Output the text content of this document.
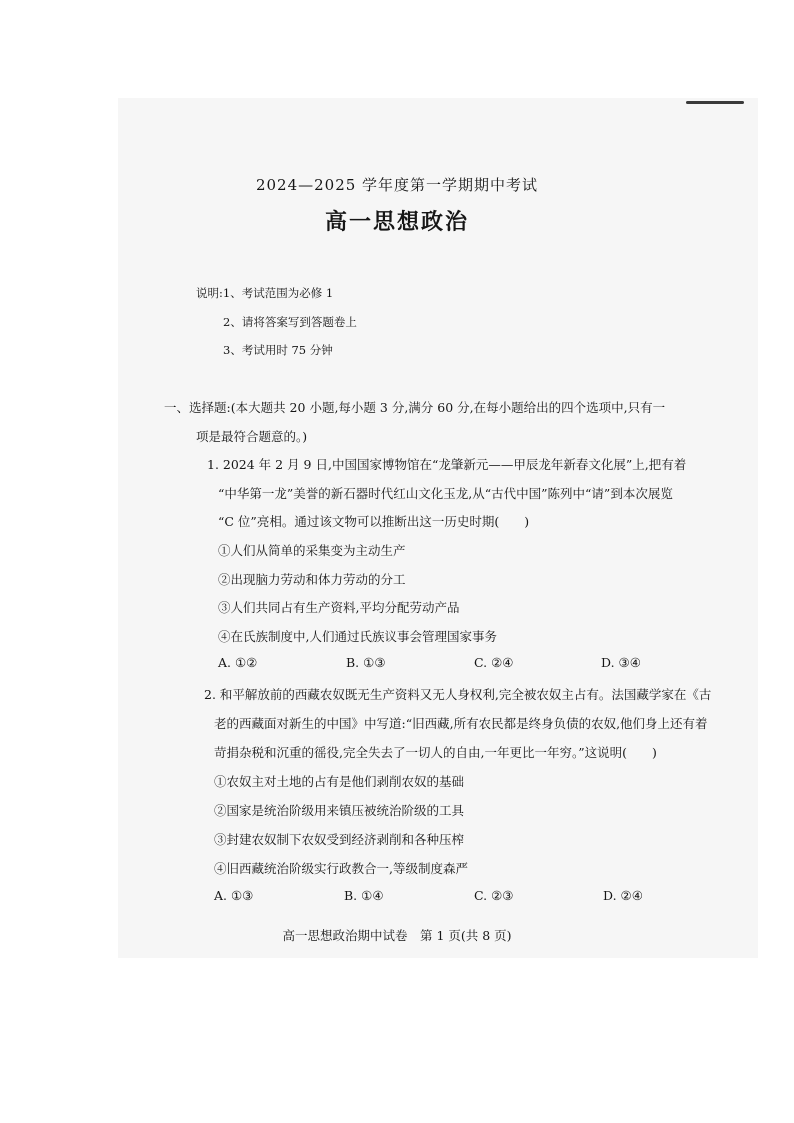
2024—2025 学年度第一学期期中考试
高一思想政治
说明:1、考试范围为必修 1
2、请将答案写到答题卷上
3、考试用时 75 分钟
一、选择题:(本大题共 20 小题,每小题 3 分,满分 60 分,在每小题给出的四个选项中,只有一
项是最符合题意的。)
1. 2024 年 2 月 9 日,中国国家博物馆在“龙肇新元——甲辰龙年新春文化展”上,把有着
“中华第一龙”美誉的新石器时代红山文化玉龙,从“古代中国”陈列中“请”到本次展览
“C 位”亮相。通过该文物可以推断出这一历史时期(　　)
①人们从简单的采集变为主动生产
②出现脑力劳动和体力劳动的分工
③人们共同占有生产资料,平均分配劳动产品
④在氏族制度中,人们通过氏族议事会管理国家事务
A. ①②	B. ①③	C. ②④	D. ③④
2. 和平解放前的西藏农奴既无生产资料又无人身权利,完全被农奴主占有。法国藏学家在《古
老的西藏面对新生的中国》中写道:“旧西藏,所有农民都是终身负债的农奴,他们身上还有着
苛捐杂税和沉重的徭役,完全失去了一切人的自由,一年更比一年穷。”这说明(　　)
①农奴主对土地的占有是他们剥削农奴的基础
②国家是统治阶级用来镇压被统治阶级的工具
③封建农奴制下农奴受到经济剥削和各种压榨
④旧西藏统治阶级实行政教合一,等级制度森严
A. ①③	B. ①④	C. ②③	D. ②④
高一思想政治期中试卷　第 1 页(共 8 页)
